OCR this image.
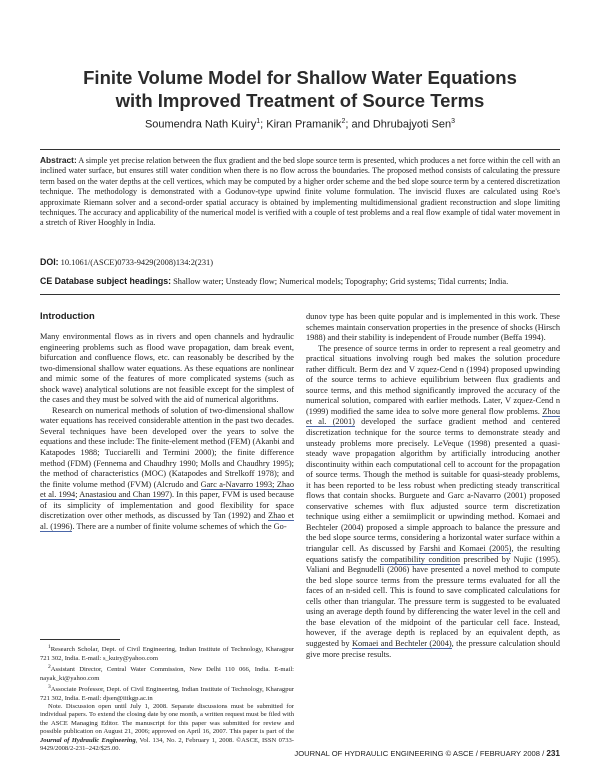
Finite Volume Model for Shallow Water Equations
with Improved Treatment of Source Terms
Soumendra Nath Kuiry$^1$; Kiran Pramanik$^2$; and Dhrubajyoti Sen$^3$
Abstract: A simple yet precise relation between the flux gradient and the bed slope source term is presented, which produces a net force within the cell with an inclined water surface, but ensures still water condition when there is no flow across the boundaries. The proposed method consists of calculating the pressure term based on the water depths at the cell vertices, which may be computed by a higher order scheme and the bed slope source term by a centered discretization technique. The methodology is demonstrated with a Godunov-type upwind finite volume formulation. The inviscid fluxes are calculated using Roe's approximate Riemann solver and a second-order spatial accuracy is obtained by implementing multidimensional gradient reconstruction and slope limiting techniques. The accuracy and applicability of the numerical model is verified with a couple of test problems and a real flow example of tidal water movement in a stretch of River Hooghly in India.
DOI: 10.1061/(ASCE)0733-9429(2008)134:2(231)
CE Database subject headings: Shallow water; Unsteady flow; Numerical models; Topography; Grid systems; Tidal currents; India.
Introduction

Many environmental flows as in rivers and open channels and hydraulic engineering problems such as flood wave propagation, dam break event, bifurcation and confluence flows, etc. can reasonably be described by the two-dimensional shallow water equations. As these equations are nonlinear and mimic some of the features of more complicated systems (such as shock wave) analytical solutions are not feasible except for the simplest of the cases and they must be solved with the aid of numerical algorithms.

Research on numerical methods of solution of two-dimensional shallow water equations has received considerable attention in the past two decades. Several techniques have been developed over the years to solve the equations and these include: The finite-element method (FEM) (Akanbi and Katapodes 1988; Tucciarelli and Termini 2000); the finite difference method (FDM) (Fennema and Chaudhry 1990; Molls and Chaudhry 1995); the method of characteristics (MOC) (Katapodes and Strelkoff 1978); and the finite volume method (FVM) (Alcrudo and Garc a-Navarro 1993; Zhao et al. 1994; Anastasiou and Chan 1997). In this paper, FVM is used because of its simplicity of implementation and good flexibility for space discretization over other methods, as discussed by Tan (1992) and Zhao et al. (1996). There are a number of finite volume schemes of which the Go-

$^1$Research Scholar, Dept. of Civil Engineering, Indian Institute of Technology, Kharagpur 721 302, India. E-mail: s_kuiry@yahoo.com

$^2$Assistant Director, Central Water Commission, New Delhi 110 066, India. E-mail: nayak_ki@yahoo.com

$^3$Associate Professor, Dept. of Civil Engineering, Indian Institute of Technology, Kharagpur 721 302, India. E-mail: djsen@iitkgp.ac.in

Note. Discussion open until July 1, 2008. Separate discussions must be submitted for individual papers. To extend the closing date by one month, a written request must be filed with the ASCE Managing Editor. The manuscript for this paper was submitted for review and possible publication on August 21, 2006; approved on April 16, 2007. This paper is part of the Journal of Hydraulic Engineering, Vol. 134, No. 2, February 1, 2008. ©ASCE, ISSN 0733-9429/2008/2-231–242/$25.00.

dunov type has been quite popular and is implemented in this work. These schemes maintain conservation properties in the presence of shocks (Hirsch 1988) and their stability is independent of Froude number (Beffa 1994).

The presence of source terms in order to represent a real geometry and practical situations involving rough bed makes the solution procedure rather difficult. Berm dez and V zquez-Cend n (1994) proposed upwinding of the source terms to achieve equilibrium between flux gradients and source terms, and this method significantly improved the accuracy of the numerical solution, compared with earlier methods. Later, V zquez-Cend n (1999) modified the same idea to solve more general flow problems. Zhou et al. (2001) developed the surface gradient method and centered discretization technique for the source terms to demonstrate steady and unsteady problems more precisely. LeVeque (1998) presented a quasi-steady wave propagation algorithm by artificially introducing another discontinuity within each computational cell to account for the propagation of source terms. Though the method is suitable for quasi-steady problems, it has been reported to be less robust when predicting steady transcritical flows that contain shocks. Burguete and Garc a-Navarro (2001) proposed conservative schemes with flux adjusted source term discretization technique using either a semiimplicit or upwinding method. Komaei and Bechteler (2004) proposed a simple approach to balance the pressure and the bed slope source terms, considering a horizontal water surface within a triangular cell. As discussed by Farshi and Komaei (2005), the resulting equations satisfy the compatibility condition prescribed by Nujic (1995). Valiani and Begnudelli (2006) have presented a novel method to compute the bed slope source terms from the pressure terms evaluated for all the faces of an n-sided cell. This is found to save complicated calculations for cells other than triangular. The pressure term is suggested to be evaluated using an average depth found by differencing the water level in the cell and the base elevation of the midpoint of the particular cell face. Instead, however, if the average depth is replaced by an equivalent depth, as suggested by Komaei and Bechteler (2004), the pressure calculation should give more precise results.

JOURNAL OF HYDRAULIC ENGINEERING © ASCE / FEBRUARY 2008 / 231
